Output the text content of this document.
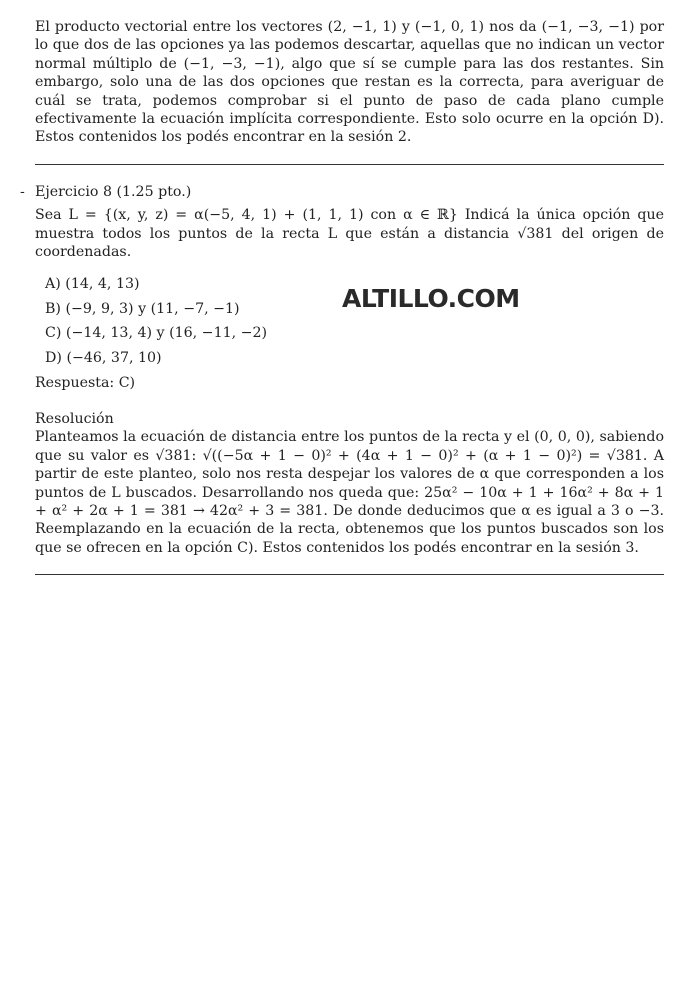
El producto vectorial entre los vectores (2, −1, 1) y (−1, 0, 1) nos da (−1, −3, −1) por lo que dos de las opciones ya las podemos descartar, aquellas que no indican un vector normal múltiplo de (−1, −3, −1), algo que sí se cumple para las dos restantes. Sin embargo, solo una de las dos opciones que restan es la correcta, para averiguar de cuál se trata, podemos comprobar si el punto de paso de cada plano cumple efectivamente la ecuación implícita correspondiente. Esto solo ocurre en la opción D). Estos contenidos los podés encontrar en la sesión 2.

- Ejercicio 8 (1.25 pto.)

Sea L = {(x, y, z) = α(−5, 4, 1) + (1, 1, 1) con α ∈ ℝ} Indicá la única opción que muestra todos los puntos de la recta L que están a distancia √381 del origen de coordenadas.

A) (14, 4, 13)
B) (−9, 9, 3) y (11, −7, −1)
C) (−14, 13, 4) y (16, −11, −2)
D) (−46, 37, 10)

Respuesta: C)

Resolución

Planteamos la ecuación de distancia entre los puntos de la recta y el (0, 0, 0), sabiendo que su valor es √381: √((−5α + 1 − 0)² + (4α + 1 − 0)² + (α + 1 − 0)²) = √381. A partir de este planteo, solo nos resta despejar los valores de α que corresponden a los puntos de L buscados. Desarrollando nos queda que: 25α² − 10α + 1 + 16α² + 8α + 1 + α² + 2α + 1 = 381 → 42α² + 3 = 381. De donde deducimos que α es igual a 3 o −3. Reemplazando en la ecuación de la recta, obtenemos que los puntos buscados son los que se ofrecen en la opción C). Estos contenidos los podés encontrar en la sesión 3.

ALTILLO.COM
